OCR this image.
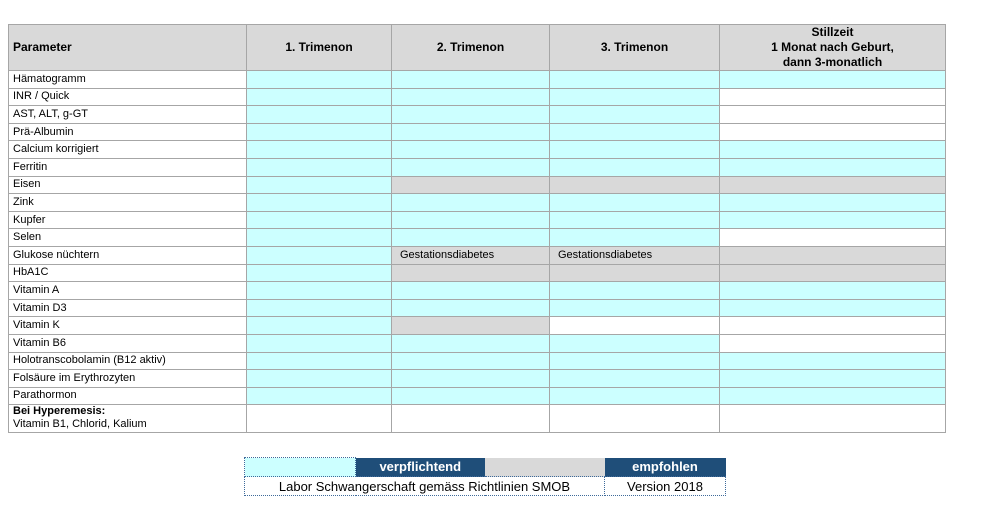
Parameter	1. Trimenon	2. Trimenon	3. Trimenon	Stillzeit
1 Monat nach Geburt,
dann 3-monatlich

Hämatogramm				
INR / Quick				
AST, ALT, g-GT				
Prä-Albumin				
Calcium korrigiert				
Ferritin				
Eisen				
Zink				
Kupfer				
Selen				
Glukose nüchtern		Gestationsdiabetes	Gestationsdiabetes	
HbA1C				
Vitamin A				
Vitamin D3				
Vitamin K				
Vitamin B6				
Holotranscobolamin (B12 aktiv)				
Folsäure im Erythrozyten				
Parathormon				

Bei Hyperemesis:
Vitamin B1, Chlorid, Kalium				

	verpflichtend		empfohlen
Labor Schwangerschaft gemäss Richtlinien SMOB			Version 2018
